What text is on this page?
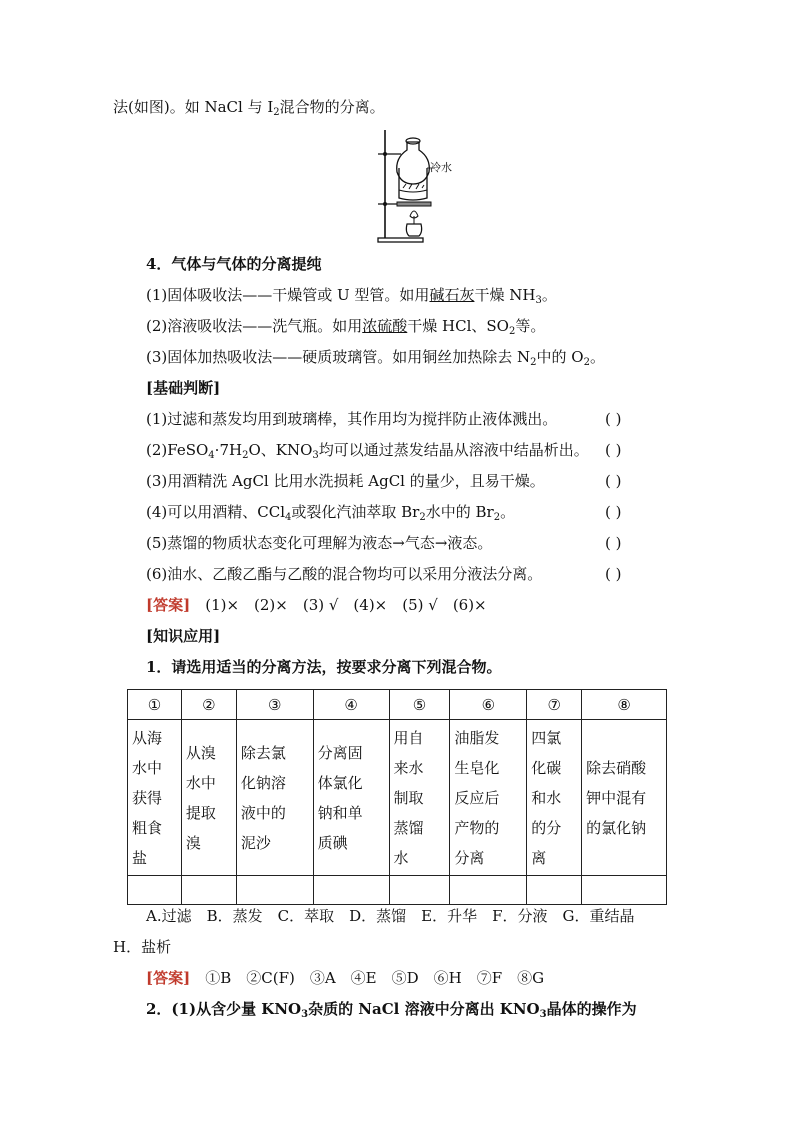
法(如图)。如 NaCl 与 $I_2$混合物的分离。
冷水
4．气体与气体的分离提纯
(1)固体吸收法——干燥管或 U 型管。如用碱石灰干燥 $NH_3$。
(2)溶液吸收法——洗气瓶。如用浓硫酸干燥 HCl、$SO_2$等。
(3)固体加热吸收法——硬质玻璃管。如用铜丝加热除去 $N_2$中的 $O_2$。
[基础判断]
(1)过滤和蒸发均用到玻璃棒，其作用均为搅拌防止液体溅出。	( )
$(2)FeSO_4\cdot 7H_2O$、$KNO_3$均可以通过蒸发结晶从溶液中结晶析出。 ( )
(3)用酒精洗 AgCl 比用水洗损耗 AgCl 的量少，且易干燥。	( )
(4)可以用酒精、CCl$_4$或裂化汽油萃取 $Br_2$水中的 $Br_2$。	( )
(5)蒸馏的物质状态变化可理解为液态→气态→液态。	( )
(6)油水、乙酸乙酯与乙酸的混合物均可以采用分液法分离。	( )
[答案]　 (1)×　(2)×　(3) √　(4)×　(5) √　(6)×
[知识应用]
1．请选用适当的分离方法，按要求分离下列混合物。
①	②	③	④	⑤	⑥	⑦	⑧

从海
水中
获得
粗食
盐	从溴
水中
提取
溴	除去氯
化钠溶
液中的
泥沙	分离固
体氯化
钠和单
质碘	用自
来水
制取
蒸馏
水	油脂发
生皂化
反应后
产物的
分离	四氯
化碳
和水
的分
离	除去硝酸
钾中混有
的氯化钠

A.过滤　B．蒸发　C．萃取　D．蒸馏　E．升华　F．分液　G．重结晶
H．盐析
[答案]　 ①B　②C(F)　③A　④E　⑤D　⑥H　⑦F　⑧G
2．(1)从含少量 $KNO_3$杂质的 NaCl 溶液中分离出 $KNO_3$晶体的操作为
